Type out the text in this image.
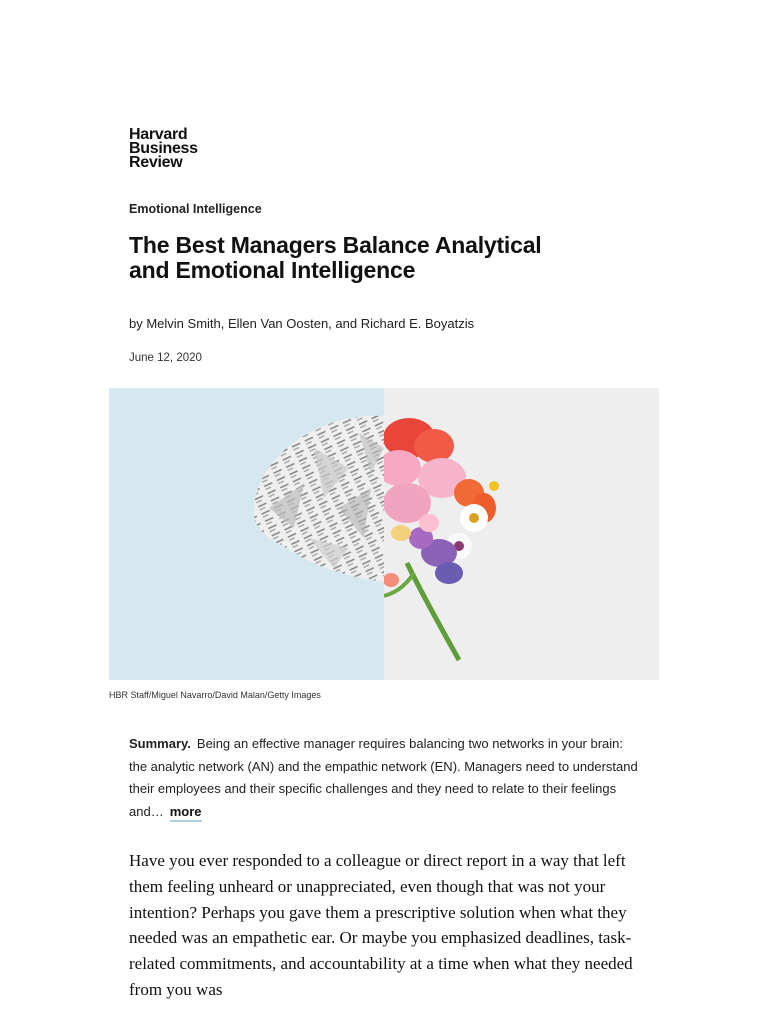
Harvard
Business
Review
Emotional Intelligence
The Best Managers Balance Analytical and Emotional Intelligence
by Melvin Smith, Ellen Van Oosten, and Richard E. Boyatzis
June 12, 2020
HBR Staff/Miguel Navarro/David Malan/Getty Images
Summary. Being an effective manager requires balancing two networks in your brain: the analytic network (AN) and the empathic network (EN). Managers need to understand their employees and their specific challenges and they need to relate to their feelings and… more

Have you ever responded to a colleague or direct report in a way that left them feeling unheard or unappreciated, even though that was not your intention? Perhaps you gave them a prescriptive solution when what they needed was an empathetic ear. Or maybe you emphasized deadlines, task-related commitments, and accountability at a time when what they needed from you was
